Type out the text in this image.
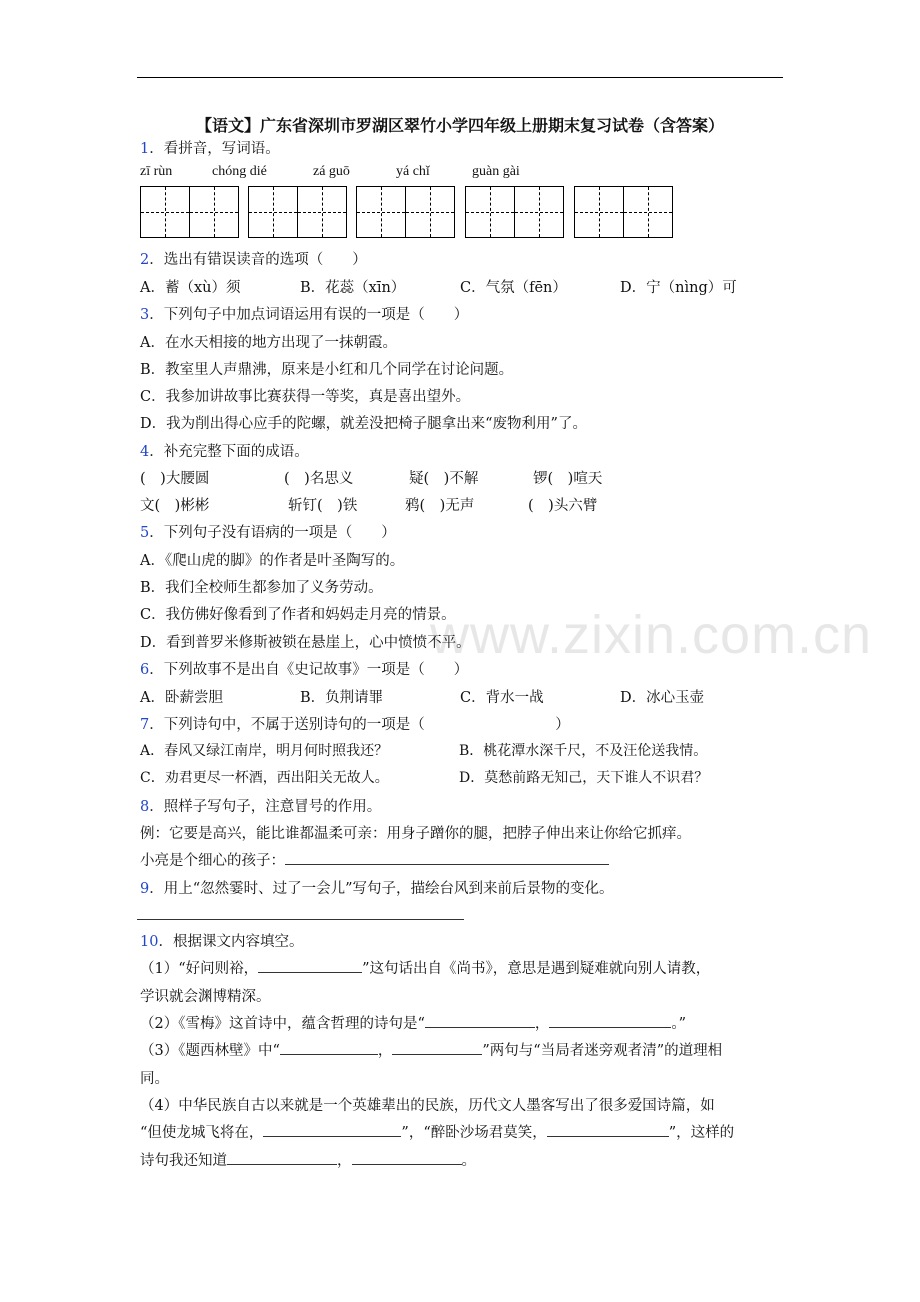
【语文】广东省深圳市罗湖区翠竹小学四年级上册期末复习试卷（含答案）
www.zixin.com.cn
1．看拼音，写词语。
zī rùn	chóng dié	zá guō	yá chǐ	guàn gài
2．选出有错误读音的选项（　　）
A．蓄（xù）须	B．花蕊（xīn）	C．气氛（fēn）	D．宁（nìng）可
3．下列句子中加点词语运用有误的一项是（　　）
A．在水天相接的地方出现了一抹朝霞。
B．教室里人声鼎沸，原来是小红和几个同学在讨论问题。
C．我参加讲故事比赛获得一等奖，真是喜出望外。
D．我为削出得心应手的陀螺，就差没把椅子腿拿出来“废物利用”了。
4．补充完整下面的成语。
(　)大腰圆	(　)名思义	疑(　)不解	锣(　)喧天
文(　)彬彬	斩钉(　)铁	鸦(　)无声	(　)头六臂
5．下列句子没有语病的一项是（　　）
A．《爬山虎的脚》的作者是叶圣陶写的。
B．我们全校师生都参加了义务劳动。
C．我仿佛好像看到了作者和妈妈走月亮的情景。
D．看到普罗米修斯被锁在悬崖上，心中愤愤不平。
6．下列故事不是出自《史记故事》一项是（　　）
A．卧薪尝胆	B．负荆请罪	C．背水一战	D．冰心玉壶
7．下列诗句中，不属于送别诗句的一项是（　　　　　　　　　）
A．春风又绿江南岸，明月何时照我还？	B．桃花潭水深千尺，不及汪伦送我情。
C．劝君更尽一杯酒，西出阳关无故人。	D．莫愁前路无知己，天下谁人不识君？
8．照样子写句子，注意冒号的作用。
例：它要是高兴，能比谁都温柔可亲：用身子蹭你的腿，把脖子伸出来让你给它抓痒。
小亮是个细心的孩子：
9．用上“忽然霎时、过了一会儿”写句子，描绘台风到来前后景物的变化。
10．根据课文内容填空。
（1）“好问则裕，	”这句话出自《尚书》，意思是遇到疑难就向别人请教，
学识就会渊博精深。
（2）《雪梅》这首诗中，蕴含哲理的诗句是“	，	。”
（3）《题西林壁》中“	，	”两句与“当局者迷旁观者清”的道理相
同。
（4）中华民族自古以来就是一个英雄辈出的民族，历代文人墨客写出了很多爱国诗篇，如
“但使龙城飞将在，	”，“醉卧沙场君莫笑，	”，这样的
诗句我还知道	，	。
